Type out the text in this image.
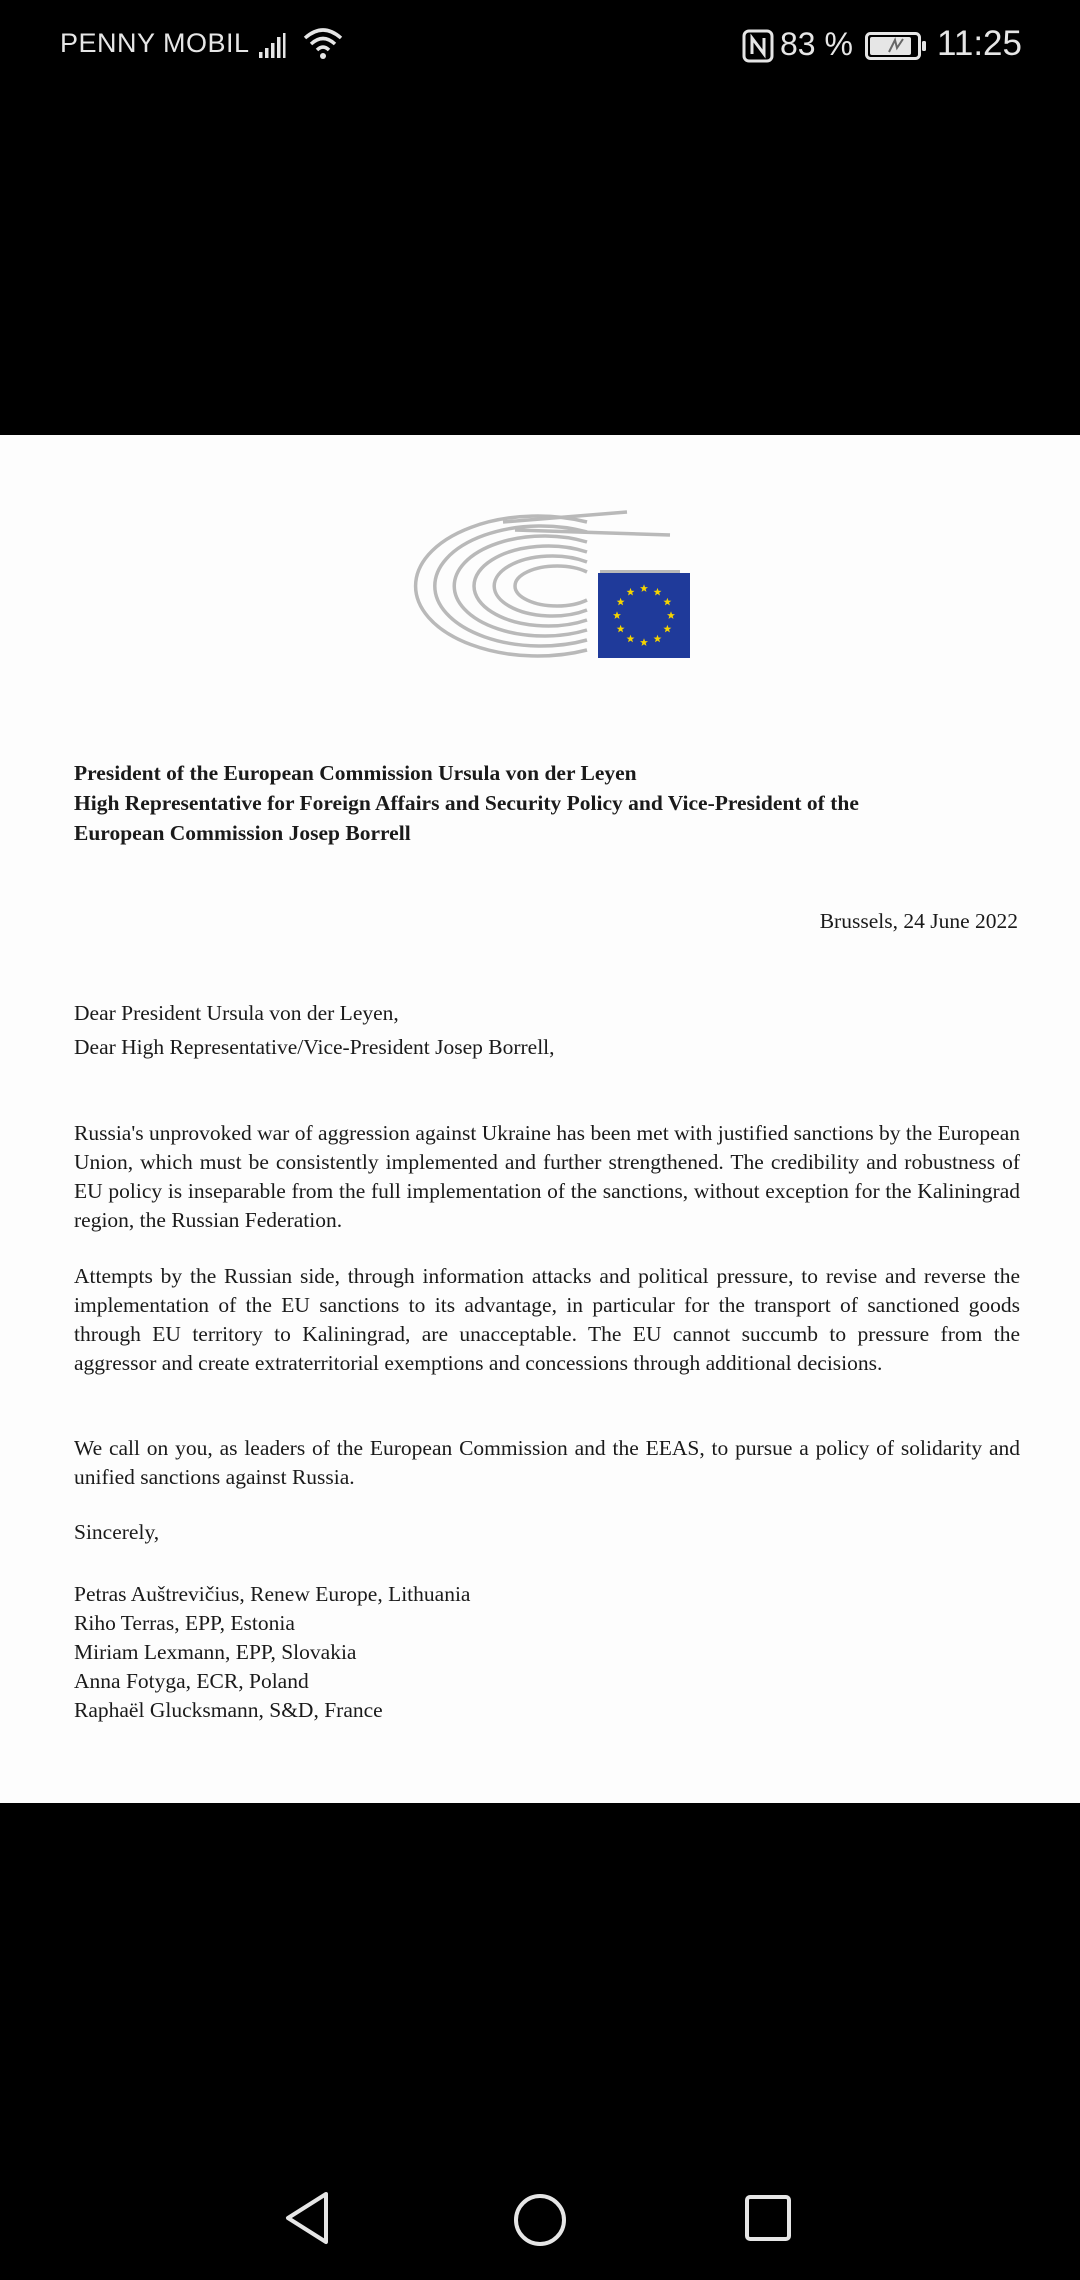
PENNY MOBIL	83 % 11:25
President of the European Commission Ursula von der Leyen
High Representative for Foreign Affairs and Security Policy and Vice-President of the
European Commission Josep Borrell
Brussels, 24 June 2022
Dear President Ursula von der Leyen,
Dear High Representative/Vice-President Josep Borrell,
Russia's unprovoked war of aggression against Ukraine has been met with justified sanctions by the European Union, which must be consistently implemented and further strengthened. The credibility and robustness of EU policy is inseparable from the full implementation of the sanctions, without exception for the Kaliningrad region, the Russian Federation.
Attempts by the Russian side, through information attacks and political pressure, to revise and reverse the implementation of the EU sanctions to its advantage, in particular for the transport of sanctioned goods through EU territory to Kaliningrad, are unacceptable. The EU cannot succumb to pressure from the aggressor and create extraterritorial exemptions and concessions through additional decisions.
We call on you, as leaders of the European Commission and the EEAS, to pursue a policy of solidarity and unified sanctions against Russia.
Sincerely,
Petras Auštrevičius, Renew Europe, Lithuania
Riho Terras, EPP, Estonia
Miriam Lexmann, EPP, Slovakia
Anna Fotyga, ECR, Poland
Raphaël Glucksmann, S&D, France
